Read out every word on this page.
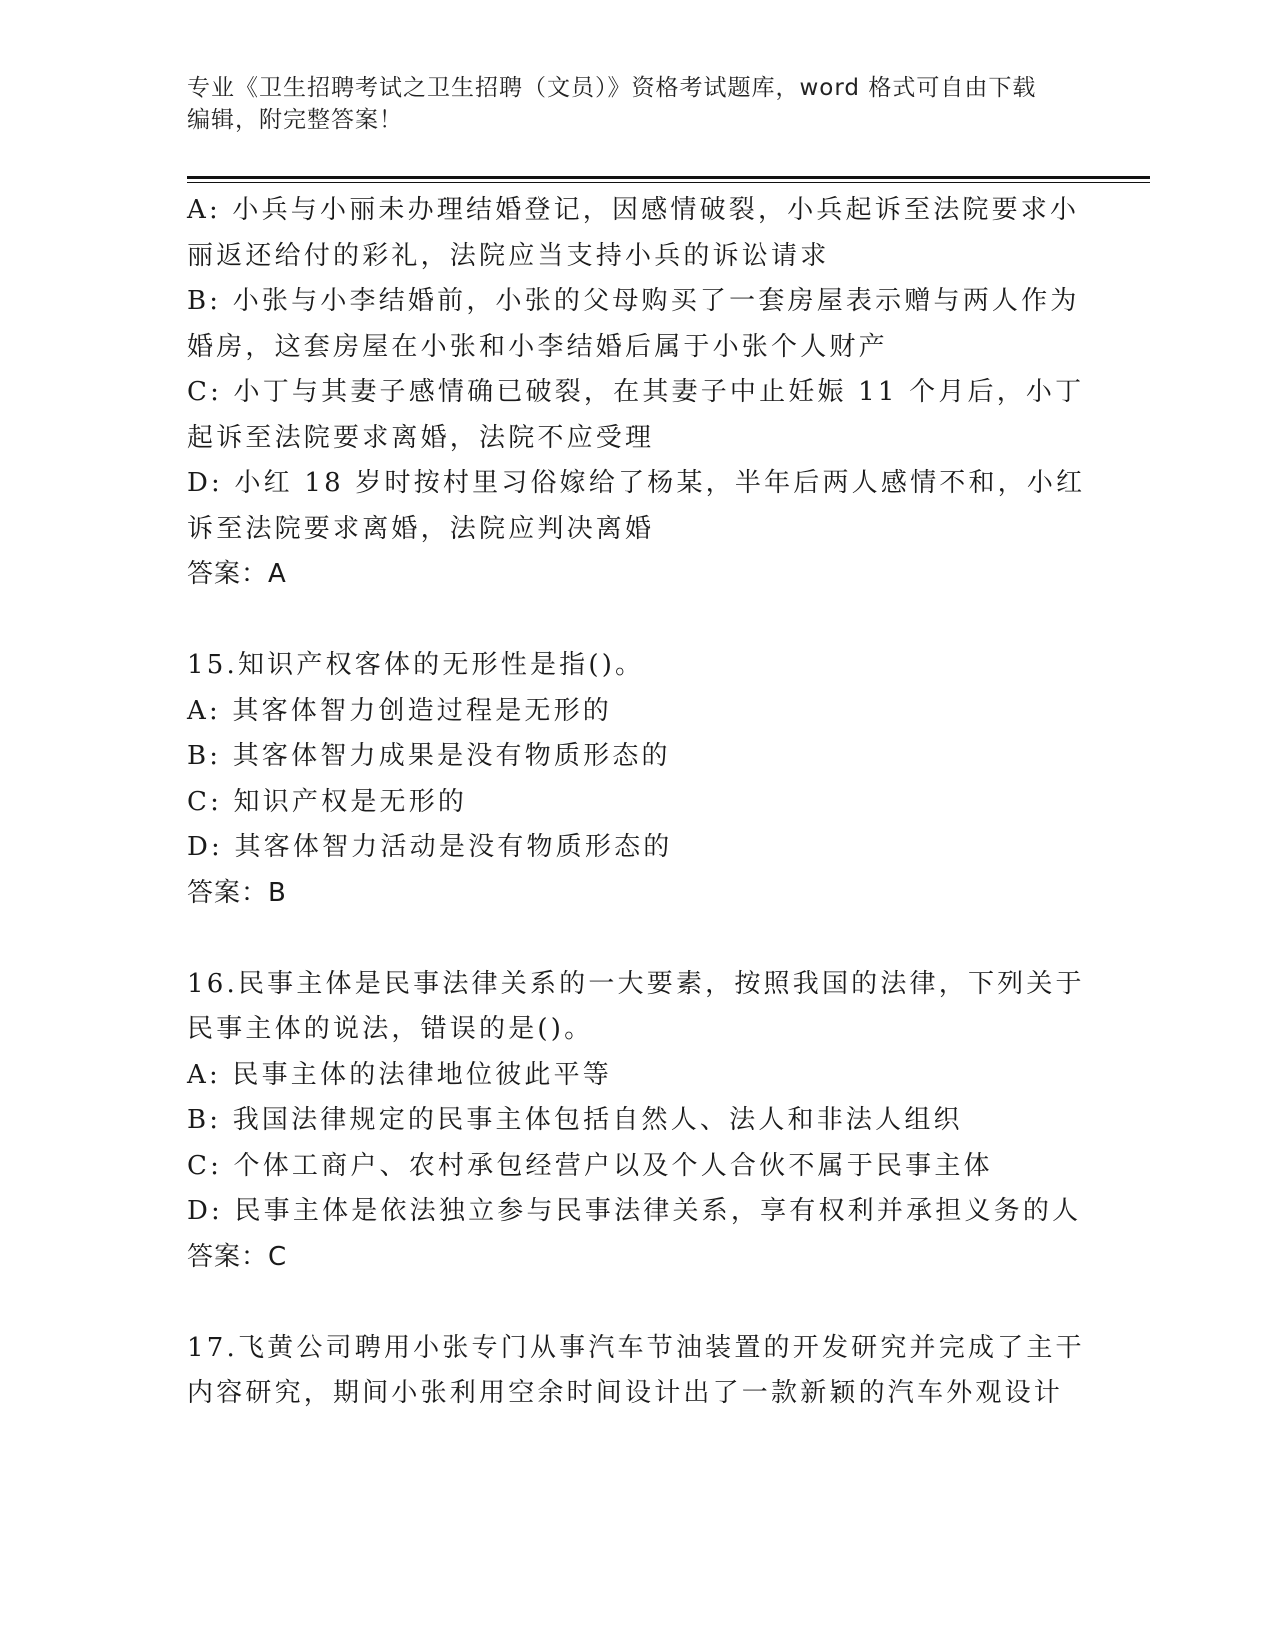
专业《卫生招聘考试之卫生招聘（文员）》资格考试题库，word 格式可自由下载
编辑，附完整答案！
A: 小兵与小丽未办理结婚登记，因感情破裂，小兵起诉至法院要求小
丽返还给付的彩礼，法院应当支持小兵的诉讼请求
B: 小张与小李结婚前，小张的父母购买了一套房屋表示赠与两人作为
婚房，这套房屋在小张和小李结婚后属于小张个人财产
C: 小丁与其妻子感情确已破裂，在其妻子中止妊娠 11 个月后，小丁
起诉至法院要求离婚，法院不应受理
D: 小红 18 岁时按村里习俗嫁给了杨某，半年后两人感情不和，小红
诉至法院要求离婚，法院应判决离婚
答案：A
15.知识产权客体的无形性是指()。
A: 其客体智力创造过程是无形的
B: 其客体智力成果是没有物质形态的
C: 知识产权是无形的
D: 其客体智力活动是没有物质形态的
答案：B
16.民事主体是民事法律关系的一大要素，按照我国的法律，下列关于
民事主体的说法，错误的是()。
A: 民事主体的法律地位彼此平等
B: 我国法律规定的民事主体包括自然人、法人和非法人组织
C: 个体工商户、农村承包经营户以及个人合伙不属于民事主体
D: 民事主体是依法独立参与民事法律关系，享有权利并承担义务的人
答案：C
17.飞黄公司聘用小张专门从事汽车节油装置的开发研究并完成了主干
内容研究，期间小张利用空余时间设计出了一款新颖的汽车外观设计
